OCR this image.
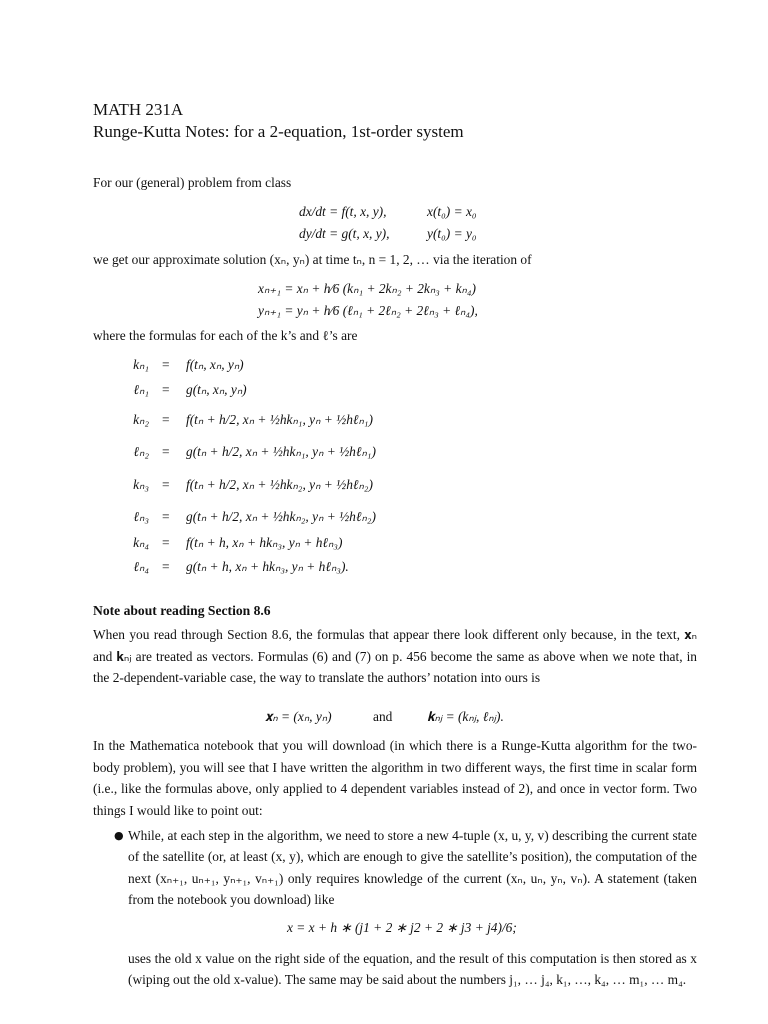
MATH 231A
Runge-Kutta Notes: for a 2-equation, 1st-order system
For our (general) problem from class
dx/dt = f(t, x, y),	x(t₀) = x₀
dy/dt = g(t, x, y),	y(t₀) = y₀
we get our approximate solution (xₙ, yₙ) at time tₙ, n = 1, 2, … via the iteration of
xₙ₊₁ = xₙ + h⁄6 (kₙ₁ + 2kₙ₂ + 2kₙ₃ + kₙ₄)
yₙ₊₁ = yₙ + h⁄6 (ℓₙ₁ + 2ℓₙ₂ + 2ℓₙ₃ + ℓₙ₄),
where the formulas for each of the k’s and ℓ’s are
kₙ₁ = f(tₙ, xₙ, yₙ)
ℓₙ₁ = g(tₙ, xₙ, yₙ)
kₙ₂ = f(tₙ + h/2, xₙ + ½hkₙ₁, yₙ + ½hℓₙ₁)
ℓₙ₂ = g(tₙ + h/2, xₙ + ½hkₙ₁, yₙ + ½hℓₙ₁)
kₙ₃ = f(tₙ + h/2, xₙ + ½hkₙ₂, yₙ + ½hℓₙ₂)
ℓₙ₃ = g(tₙ + h/2, xₙ + ½hkₙ₂, yₙ + ½hℓₙ₂)
kₙ₄ = f(tₙ + h, xₙ + hkₙ₃, yₙ + hℓₙ₃)
ℓₙ₄ = g(tₙ + h, xₙ + hkₙ₃, yₙ + hℓₙ₃).
Note about reading Section 8.6
When you read through Section 8.6, the formulas that appear there look different only because, in the text, 𝐱ₙ and 𝐤ₙⱼ are treated as vectors. Formulas (6) and (7) on p. 456 become the same as above when we note that, in the 2-dependent-variable case, the way to translate the authors’ notation into ours is
𝐱ₙ = (xₙ, yₙ)	and	𝐤ₙⱼ = (kₙⱼ, ℓₙⱼ).
In the Mathematica notebook that you will download (in which there is a Runge-Kutta algorithm for the two-body problem), you will see that I have written the algorithm in two different ways, the first time in scalar form (i.e., like the formulas above, only applied to 4 dependent variables instead of 2), and once in vector form. Two things I would like to point out:
● While, at each step in the algorithm, we need to store a new 4-tuple (x, u, y, v) describing the current state of the satellite (or, at least (x, y), which are enough to give the satellite’s position), the computation of the next (xₙ₊₁, uₙ₊₁, yₙ₊₁, vₙ₊₁) only requires knowledge of the current (xₙ, uₙ, yₙ, vₙ). A statement (taken from the notebook you download) like
x = x + h ∗ (j1 + 2 ∗ j2 + 2 ∗ j3 + j4)/6;
uses the old x value on the right side of the equation, and the result of this computation is then stored as x (wiping out the old x-value). The same may be said about the numbers j₁, … j₄, k₁, …, k₄, … m₁, … m₄.
